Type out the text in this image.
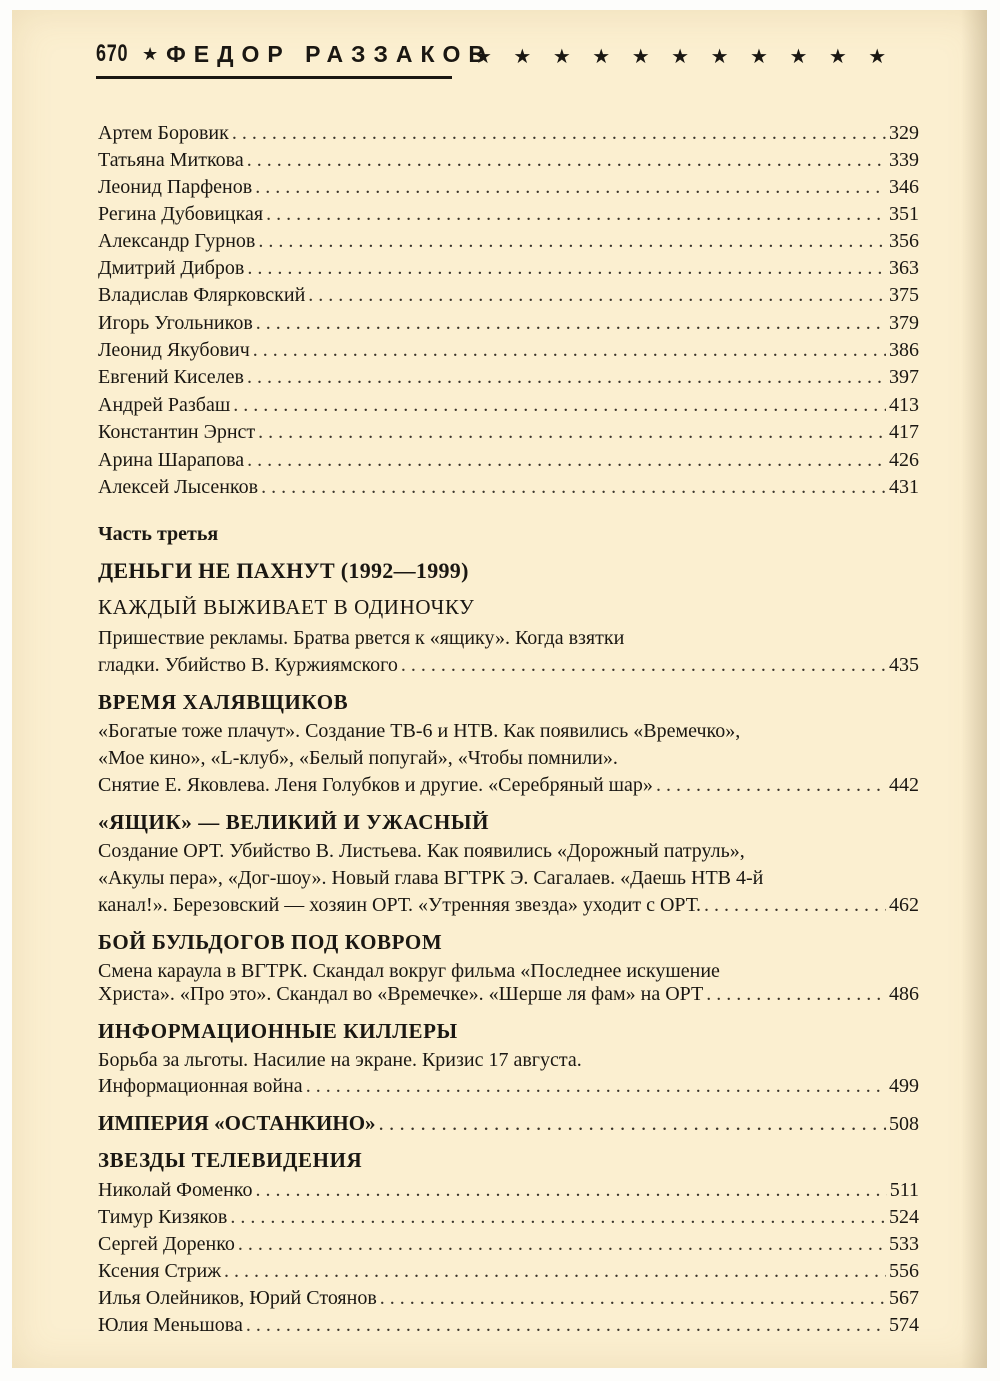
670 ★ ФЕДОР РАЗЗАКОВ
★★★★★★★★★★★
Артем Боровик . . .	329
Татьяна Миткова . . .	339
Леонид Парфенов . . .	346
Регина Дубовицкая . . .	351
Александр Гурнов . . .	356
Дмитрий Дибров . . .	363
Владислав Флярковский . . .	375
Игорь Угольников . . .	379
Леонид Якубович . . .	386
Евгений Киселев . . .	397
Андрей Разбаш . . .	413
Константин Эрнст . . .	417
Арина Шарапова . . .	426
Алексей Лысенков . . .	431
Часть третья
ДЕНЬГИ НЕ ПАХНУТ (1992—1999)
КАЖДЫЙ ВЫЖИВАЕТ В ОДИНОЧКУ
Пришествие рекламы. Братва рвется к «ящику». Когда взятки
гладки. Убийство В. Куржиямского . . .	435
ВРЕМЯ ХАЛЯВЩИКОВ
«Богатые тоже плачут». Создание ТВ-6 и НТВ. Как появились «Времечко»,
«Мое кино», «L-клуб», «Белый попугай», «Чтобы помнили».
Снятие Е. Яковлева. Леня Голубков и другие. «Серебряный шар» . . .	442
«ЯЩИК» — ВЕЛИКИЙ И УЖАСНЫЙ
Создание ОРТ. Убийство В. Листьева. Как появились «Дорожный патруль»,
«Акулы пера», «Дог-шоу». Новый глава ВГТРК Э. Сагалаев. «Даешь НТВ 4-й
канал!». Березовский — хозяин ОРТ. «Утренняя звезда» уходит с ОРТ. . . .	462
БОЙ БУЛЬДОГОВ ПОД КОВРОМ
Смена караула в ВГТРК. Скандал вокруг фильма «Последнее искушение
Христа». «Про это». Скандал во «Времечке». «Шерше ля фам» на ОРТ . . .	486
ИНФОРМАЦИОННЫЕ КИЛЛЕРЫ
Борьба за льготы. Насилие на экране. Кризис 17 августа.
Информационная война . . .	499
ИМПЕРИЯ «ОСТАНКИНО» . . .	508
ЗВЕЗДЫ ТЕЛЕВИДЕНИЯ
Николай Фоменко . . .	511
Тимур Кизяков . . .	524
Сергей Доренко . . .	533
Ксения Стриж . . .	556
Илья Олейников, Юрий Стоянов . . .	567
Юлия Меньшова . . .	574
